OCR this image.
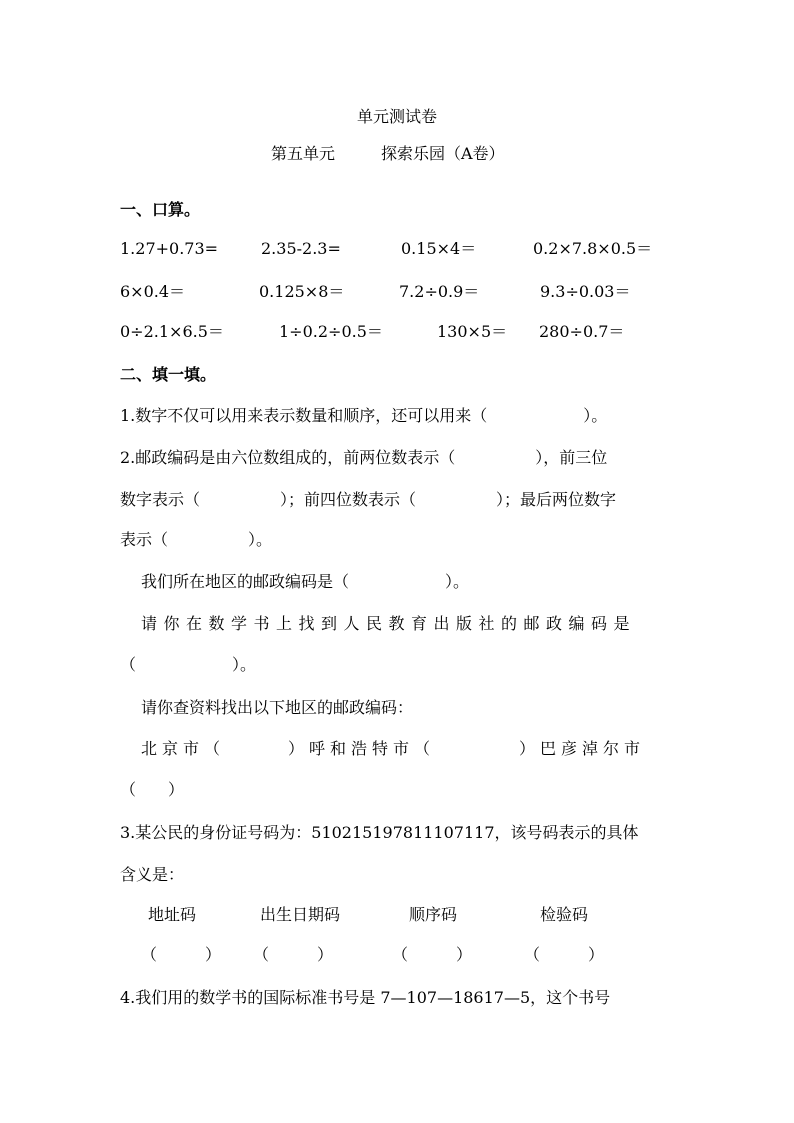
单元测试卷
第五单元	探索乐园（A卷）
一、口算。
1.27+0.73=	2.35-2.3=	0.15×4＝	0.2×7.8×0.5＝
6×0.4＝	0.125×8＝	7.2÷0.9＝	9.3÷0.03＝
0÷2.1×6.5＝	1÷0.2÷0.5＝	130×5＝ 280÷0.7＝
二、填一填。
1.数字不仅可以用来表示数量和顺序，还可以用来（　　　　　　）。
2.邮政编码是由六位数组成的，前两位数表示（　　　　　），前三位
数字表示（　　　　　）；前四位数表示（　　　　　）；最后两位数字
表示（　　　　　）。
我们所在地区的邮政编码是（　　　　　　）。
请你在数学书上找到人民教育出版社的邮政编码是
（　　　　　　）。
请你查资料找出以下地区的邮政编码：
北京市（　　　）呼和浩特市（　　　　）巴彦淖尔市
（　　）
3.某公民的身份证号码为：510215197811107117，该号码表示的具体
含义是：
地址码	出生日期码	顺序码	检验码
（　　　） （　　　）	（　　　）	（　　　）
4.我们用的数学书的国际标准书号是 7—107—18617—5，这个书号
